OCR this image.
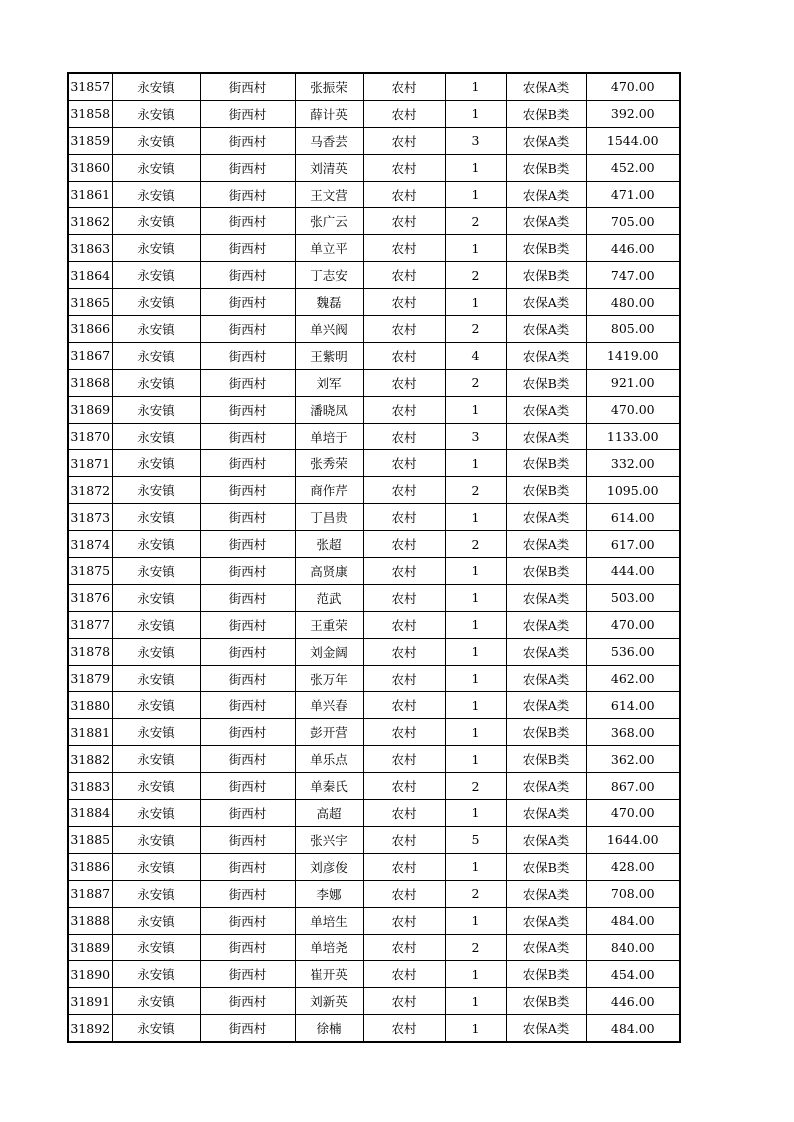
31857	永安镇	街西村	张振荣	农村	1	农保A类	470.00
31858	永安镇	街西村	薛计英	农村	1	农保B类	392.00
31859	永安镇	街西村	马香芸	农村	3	农保A类	1544.00
31860	永安镇	街西村	刘清英	农村	1	农保B类	452.00
31861	永安镇	街西村	王文营	农村	1	农保A类	471.00
31862	永安镇	街西村	张广云	农村	2	农保A类	705.00
31863	永安镇	街西村	单立平	农村	1	农保B类	446.00
31864	永安镇	街西村	丁志安	农村	2	农保B类	747.00
31865	永安镇	街西村	魏磊	农村	1	农保A类	480.00
31866	永安镇	街西村	单兴阀	农村	2	农保A类	805.00
31867	永安镇	街西村	王紫明	农村	4	农保A类	1419.00
31868	永安镇	街西村	刘军	农村	2	农保B类	921.00
31869	永安镇	街西村	潘晓凤	农村	1	农保A类	470.00
31870	永安镇	街西村	单培于	农村	3	农保A类	1133.00
31871	永安镇	街西村	张秀荣	农村	1	农保B类	332.00
31872	永安镇	街西村	商作芹	农村	2	农保B类	1095.00
31873	永安镇	街西村	丁昌贵	农村	1	农保A类	614.00
31874	永安镇	街西村	张超	农村	2	农保A类	617.00
31875	永安镇	街西村	高贤康	农村	1	农保B类	444.00
31876	永安镇	街西村	范武	农村	1	农保A类	503.00
31877	永安镇	街西村	王重荣	农村	1	农保A类	470.00
31878	永安镇	街西村	刘金阔	农村	1	农保A类	536.00
31879	永安镇	街西村	张万年	农村	1	农保A类	462.00
31880	永安镇	街西村	单兴春	农村	1	农保A类	614.00
31881	永安镇	街西村	彭开营	农村	1	农保B类	368.00
31882	永安镇	街西村	单乐点	农村	1	农保B类	362.00
31883	永安镇	街西村	单秦氏	农村	2	农保A类	867.00
31884	永安镇	街西村	高超	农村	1	农保A类	470.00
31885	永安镇	街西村	张兴宇	农村	5	农保A类	1644.00
31886	永安镇	街西村	刘彦俊	农村	1	农保B类	428.00
31887	永安镇	街西村	李娜	农村	2	农保A类	708.00
31888	永安镇	街西村	单培生	农村	1	农保A类	484.00
31889	永安镇	街西村	单培尧	农村	2	农保A类	840.00
31890	永安镇	街西村	崔开英	农村	1	农保B类	454.00
31891	永安镇	街西村	刘新英	农村	1	农保B类	446.00
31892	永安镇	街西村	徐楠	农村	1	农保A类	484.00
